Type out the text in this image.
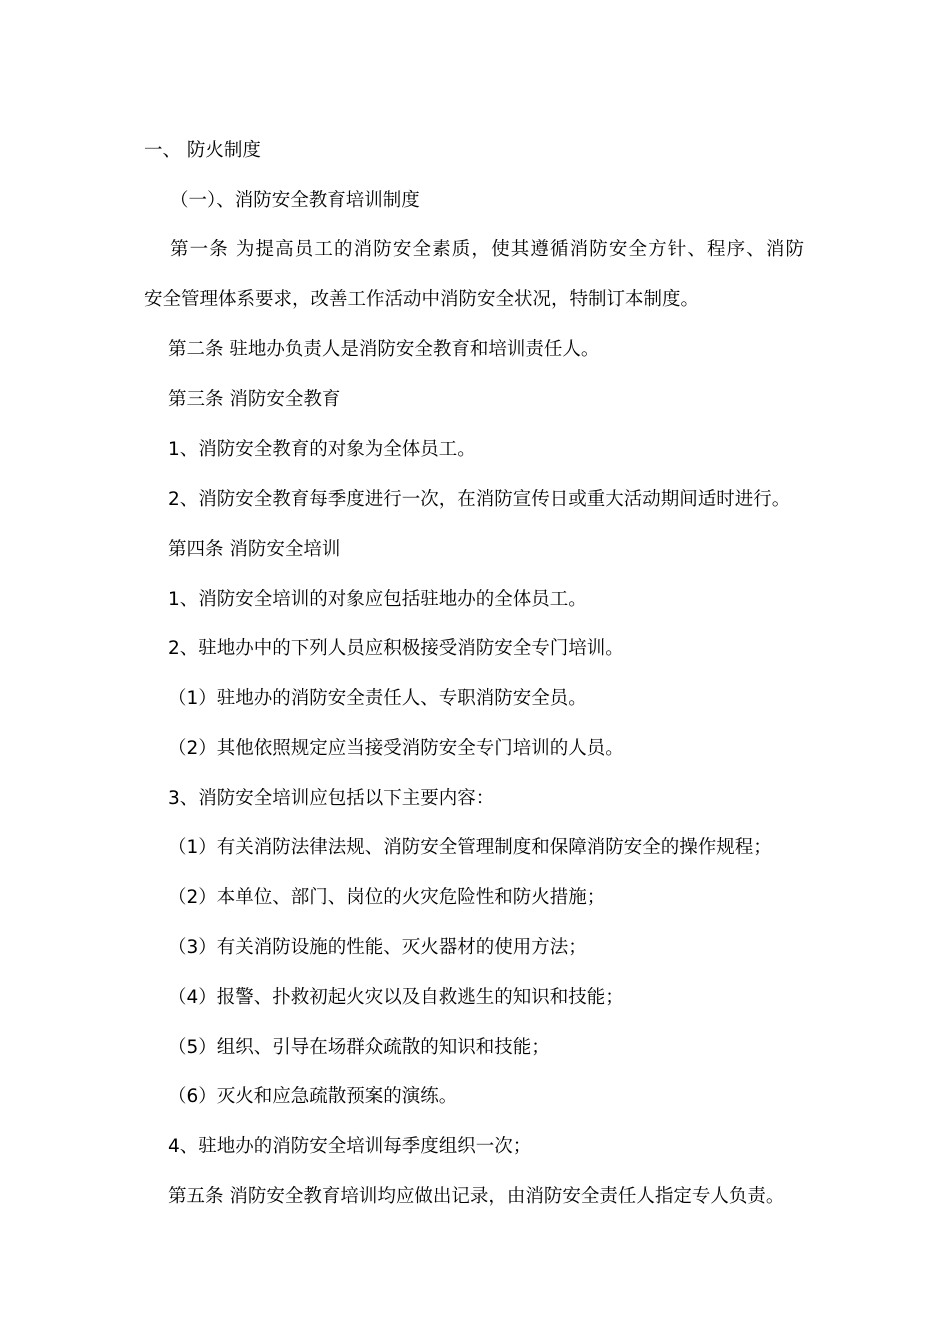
一、 防火制度
（一）、消防安全教育培训制度
第一条 为提高员工的消防安全素质，使其遵循消防安全方针、程序、消防
安全管理体系要求，改善工作活动中消防安全状况，特制订本制度。
第二条 驻地办负责人是消防安全教育和培训责任人。
第三条 消防安全教育
1、消防安全教育的对象为全体员工。
2、消防安全教育每季度进行一次，在消防宣传日或重大活动期间适时进行。
第四条 消防安全培训
1、消防安全培训的对象应包括驻地办的全体员工。
2、驻地办中的下列人员应积极接受消防安全专门培训。
（1）驻地办的消防安全责任人、专职消防安全员。
（2）其他依照规定应当接受消防安全专门培训的人员。
3、消防安全培训应包括以下主要内容：
（1）有关消防法律法规、消防安全管理制度和保障消防安全的操作规程；
（2）本单位、部门、岗位的火灾危险性和防火措施；
（3）有关消防设施的性能、灭火器材的使用方法；
（4）报警、扑救初起火灾以及自救逃生的知识和技能；
（5）组织、引导在场群众疏散的知识和技能；
（6）灭火和应急疏散预案的演练。
4、驻地办的消防安全培训每季度组织一次；
第五条 消防安全教育培训均应做出记录，由消防安全责任人指定专人负责。
